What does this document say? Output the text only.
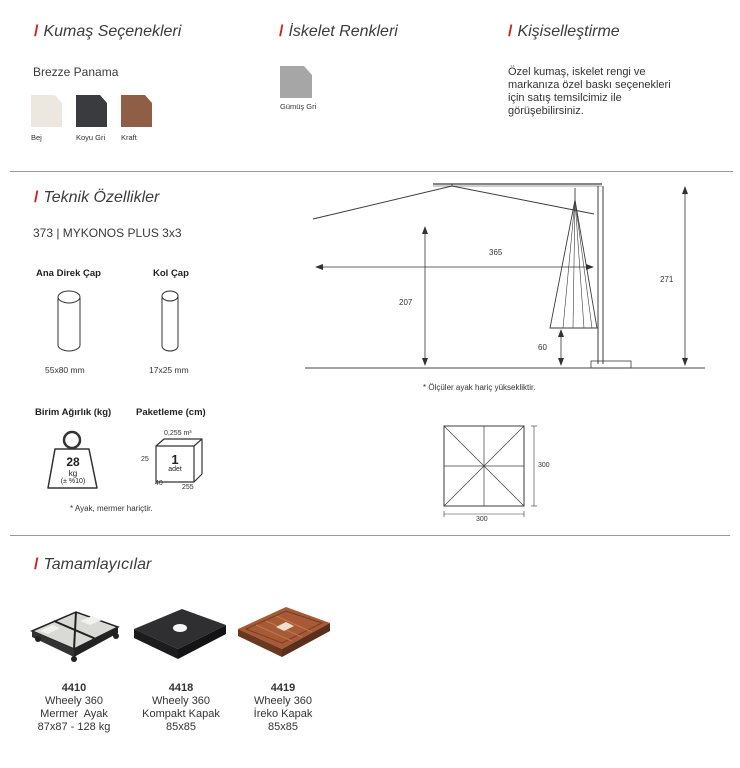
/ Kumaş Seçenekleri
Brezze Panama
Bej	Koyu Gri Kraft
/ İskelet Renkleri
Gümüş Gri
/ Kişiselleştirme
Özel kumaş, iskelet rengi ve markanıza özel baskı seçenekleri için satış temsilcimiz ile görüşebilirsiniz.
/ Teknik Özellikler
373 | MYKONOS PLUS 3x3
Ana Direk Çap	Kol Çap
55x80 mm	17x25 mm
Birim Ağırlık (kg)	Paketleme (cm)
28
kg
(± %10)
0,255 m³
1
adet
25
40
255
* Ayak, mermer hariçtir.
365
207
60
271
* Ölçüler ayak hariç yüksekliktir.
300
300
/ Tamamlayıcılar
4410
Wheely 360
Mermer  Ayak
87x87 - 128 kg
4418
Wheely 360
Kompakt Kapak
85x85
4419
Wheely 360
İreko Kapak
85x85
